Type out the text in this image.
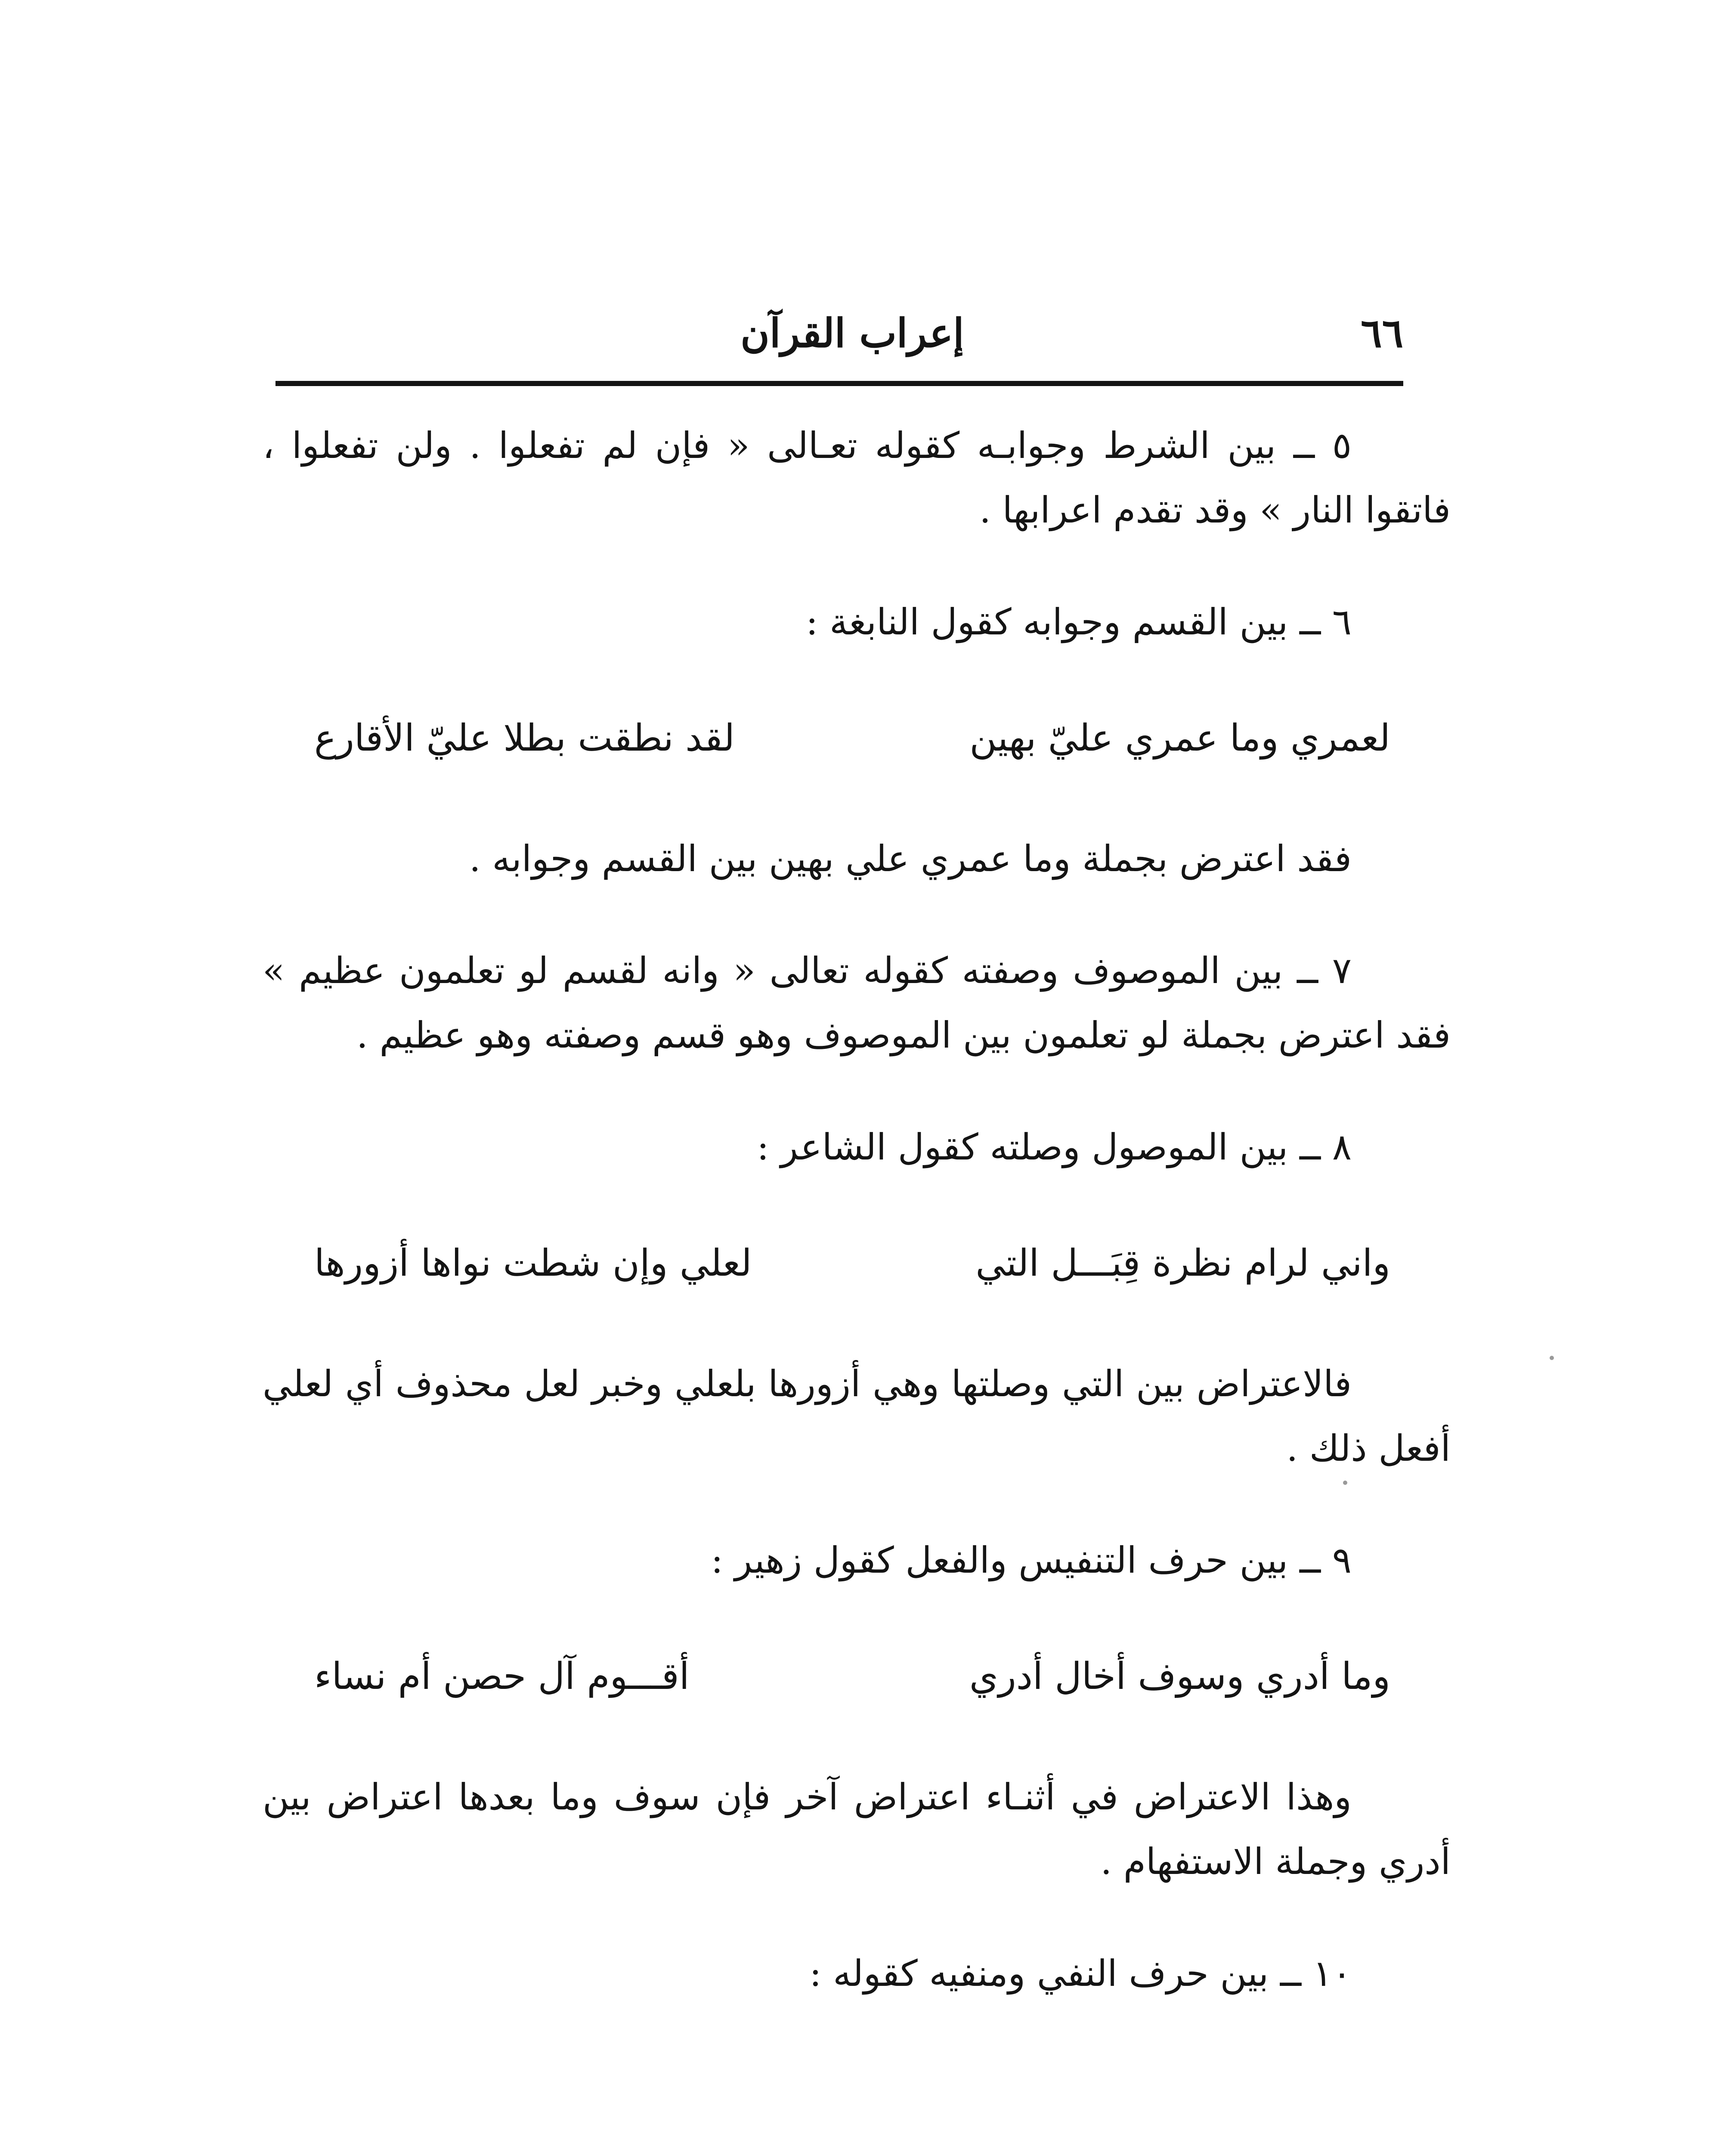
٦٦
إعراب القرآن

٥ ــ بين الشرط وجوابـه كقوله تعـالى « فإن لم تفعلوا . ولن تفعلوا ، فاتقوا النار » وقد تقدم اعرابها .

٦ ــ بين القسم وجوابه كقول النابغة :

لعمري وما عمري عليّ بهين
لقد نطقت بطلا عليّ الأقارع

فقد اعترض بجملة وما عمري علي بهين بين القسم وجوابه .

٧ ــ بين الموصوف وصفته كقوله تعالى « وانه لقسم لو تعلمون عظيم » فقد اعترض بجملة لو تعلمون بين الموصوف وهو قسم وصفته وهو عظيم .

٨ ــ بين الموصول وصلته كقول الشاعر :

واني لرام نظرة قِبَـــل التي
لعلي وإن شطت نواها أزورها

فالاعتراض بين التي وصلتها وهي أزورها بلعلي وخبر لعل محذوف أي لعلي أفعل ذلك .

٩ ــ بين حرف التنفيس والفعل كقول زهير :

وما أدري وسوف أخال أدري
أقـــوم آل حصن أم نساء

وهذا الاعتراض في أثنـاء اعتراض آخر فإن سوف وما بعدها اعتراض بين أدري وجملة الاستفهام .

١٠ ــ بين حرف النفي ومنفيه كقوله :
